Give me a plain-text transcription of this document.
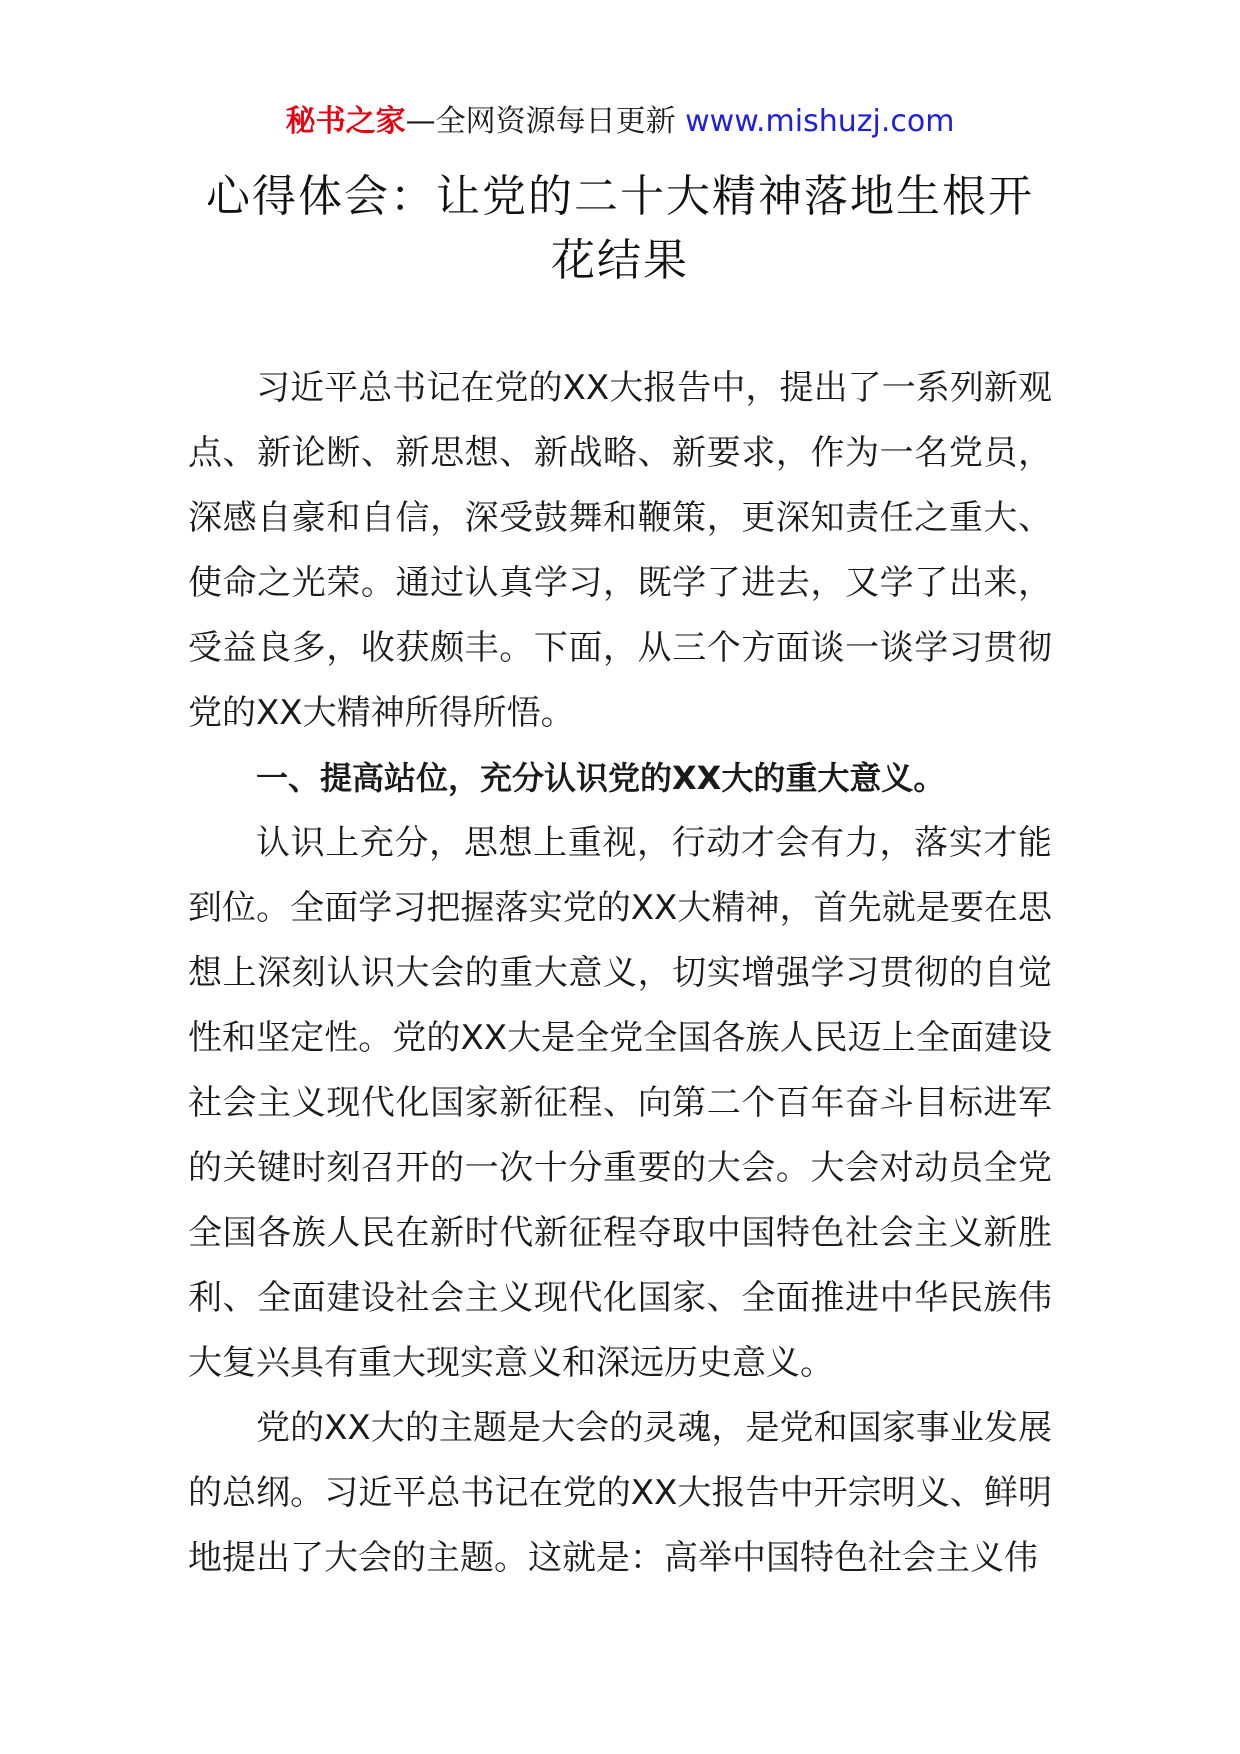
秘书之家—全网资源每日更新 www.mishuzj.com
心得体会：让党的二十大精神落地生根开花结果

习近平总书记在党的XX大报告中，提出了一系列新观点、新论断、新思想、新战略、新要求，作为一名党员，深感自豪和自信，深受鼓舞和鞭策，更深知责任之重大、使命之光荣。通过认真学习，既学了进去，又学了出来，受益良多，收获颇丰。下面，从三个方面谈一谈学习贯彻党的XX大精神所得所悟。

一、提高站位，充分认识党的XX大的重大意义。

认识上充分，思想上重视，行动才会有力，落实才能到位。全面学习把握落实党的XX大精神，首先就是要在思想上深刻认识大会的重大意义，切实增强学习贯彻的自觉性和坚定性。党的XX大是全党全国各族人民迈上全面建设社会主义现代化国家新征程、向第二个百年奋斗目标进军的关键时刻召开的一次十分重要的大会。大会对动员全党全国各族人民在新时代新征程夺取中国特色社会主义新胜利、全面建设社会主义现代化国家、全面推进中华民族伟大复兴具有重大现实意义和深远历史意义。

党的XX大的主题是大会的灵魂，是党和国家事业发展的总纲。习近平总书记在党的XX大报告中开宗明义、鲜明地提出了大会的主题。这就是：高举中国特色社会主义伟
